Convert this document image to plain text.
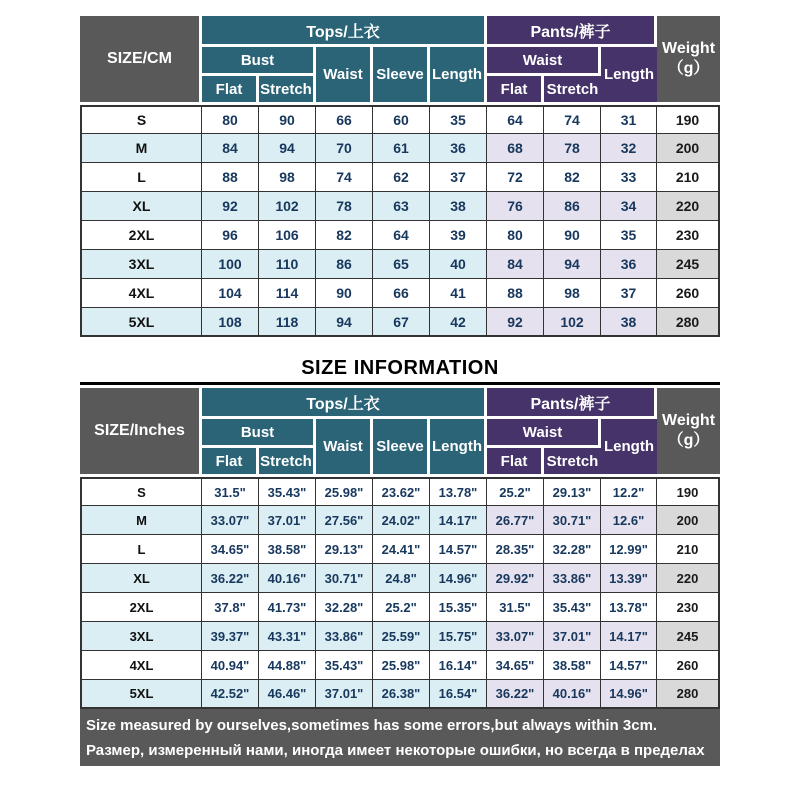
SIZE/CM	Tops/上衣					Pants/裤子			Weight
（g）
	Bust		Waist	Sleeve	Length	Waist		Length	
	Flat	Stretch				Flat	Stretch		
S	80	90	66	60	35	64	74	31	190
M	84	94	70	61	36	68	78	32	200
L	88	98	74	62	37	72	82	33	210
XL	92	102	78	63	38	76	86	34	220
2XL	96	106	82	64	39	80	90	35	230
3XL	100	110	86	65	40	84	94	36	245
4XL	104	114	90	66	41	88	98	37	260
5XL	108	118	94	67	42	92	102	38	280
SIZE INFORMATION
SIZE/Inches	Tops/上衣					Pants/裤子			Weight
（g）
	Bust		Waist	Sleeve	Length	Waist		Length	
	Flat	Stretch				Flat	Stretch		
S	31.5"	35.43"	25.98"	23.62"	13.78"	25.2"	29.13"	12.2"	190
M	33.07"	37.01"	27.56"	24.02"	14.17"	26.77"	30.71"	12.6"	200
L	34.65"	38.58"	29.13"	24.41"	14.57"	28.35"	32.28"	12.99"	210
XL	36.22"	40.16"	30.71"	24.8"	14.96"	29.92"	33.86"	13.39"	220
2XL	37.8"	41.73"	32.28"	25.2"	15.35"	31.5"	35.43"	13.78"	230
3XL	39.37"	43.31"	33.86"	25.59"	15.75"	33.07"	37.01"	14.17"	245
4XL	40.94"	44.88"	35.43"	25.98"	16.14"	34.65"	38.58"	14.57"	260
5XL	42.52"	46.46"	37.01"	26.38"	16.54"	36.22"	40.16"	14.96"	280
Size measured by ourselves,sometimes has some errors,but always within 3cm.
Размер, измеренный нами, иногда имеет некоторые ошибки, но всегда в пределах 3 см.
